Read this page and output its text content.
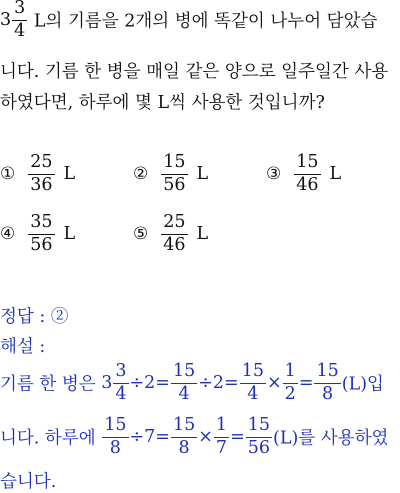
$3 \frac{3}{4}$ L의 기름을 2개의 병에 똑같이 나누어 담았습
니다. 기름 한 병을 매일 같은 양으로 일주일간 사용
하였다면, 하루에 몇 L씩 사용한 것입니까?
① $\frac{25}{36}$ L	② $\frac{15}{56}$ L	③ $\frac{15}{46}$ L
④ $\frac{35}{56}$ L	⑤ $\frac{25}{46}$ L
정답 : ②
해설 :
기름 한 병은 $3 \frac{3}{4} \div 2= \frac{15}{4} \div 2= \frac{15}{4} \times \frac{1}{2} = \frac{15}{8} (L)$입
니다. 하루에 $\frac{15}{8} \div 7= \frac{15}{8} \times \frac{1}{7} = \frac{15}{56} (L)$를 사용하였
습니다.
